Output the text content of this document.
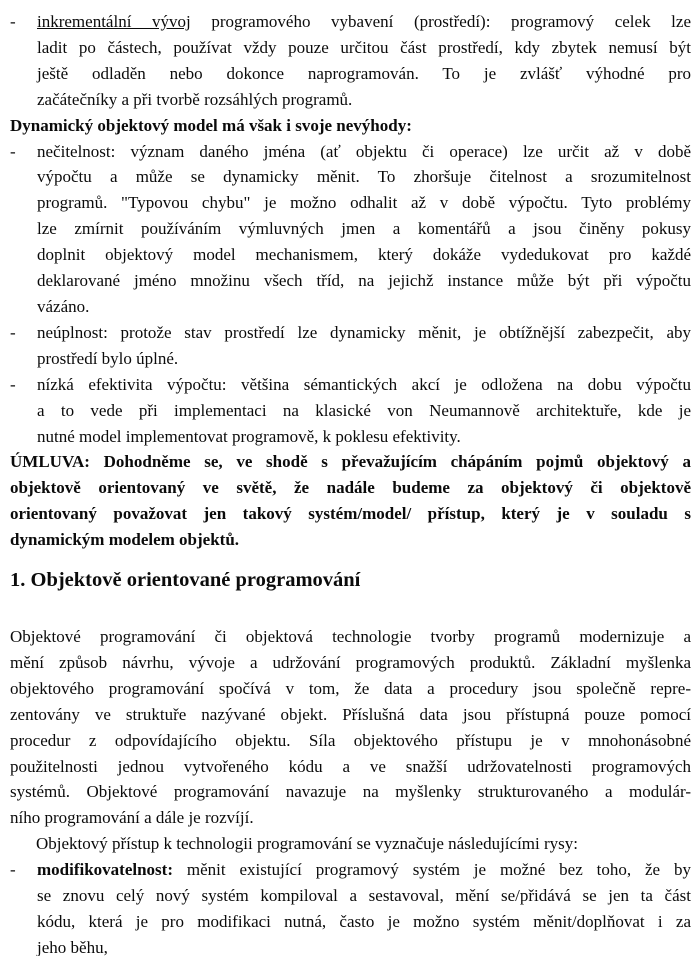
-	inkrementální vývoj programového vybavení (prostředí): programový celek lze
ladit po částech, používat vždy pouze určitou část prostředí, kdy zbytek nemusí být
ještě odladěn nebo dokonce naprogramován. To je zvlášť výhodné pro
začátečníky a při tvorbě rozsáhlých programů.
Dynamický objektový model má však i svoje nevýhody:
-	nečitelnost: význam daného jména (ať objektu či operace) lze určit až v době
výpočtu a může se dynamicky měnit. To zhoršuje čitelnost a srozumitelnost
programů. "Typovou chybu" je možno odhalit až v době výpočtu. Tyto problémy
lze zmírnit používáním výmluvných jmen a komentářů a jsou činěny pokusy
doplnit objektový model mechanismem, který dokáže vydedukovat pro každé
deklarované jméno množinu všech tříd, na jejichž instance může být při výpočtu
vázáno.
-	neúplnost: protože stav prostředí lze dynamicky měnit, je obtížnější zabezpečit, aby
prostředí bylo úplné.
-	nízká efektivita výpočtu: většina sémantických akcí je odložena na dobu výpočtu
a to vede při implementaci na klasické von Neumannově architektuře, kde je
nutné model implementovat programově, k poklesu efektivity.
ÚMLUVA: Dohodněme se, ve shodě s převažujícím chápáním pojmů objektový a
objektově orientovaný ve světě, že nadále budeme za objektový či objektově
orientovaný považovat jen takový systém/model/ přístup, který je v souladu s
dynamickým modelem objektů.
1. Objektově orientované programování
Objektové programování či objektová technologie tvorby programů modernizuje a
mění způsob návrhu, vývoje a udržování programových produktů. Základní myšlenka
objektového programování spočívá v tom, že data a procedury jsou společně repre-
zentovány ve struktuře nazývané objekt. Příslušná data jsou přístupná pouze pomocí
procedur z odpovídajícího objektu. Síla objektového přístupu je v mnohonásobné
použitelnosti jednou vytvořeného kódu a ve snažší udržovatelnosti programových
systémů. Objektové programování navazuje na myšlenky strukturovaného a modulár-
ního programování a dále je rozvíjí.
Objektový přístup k technologii programování se vyznačuje následujícími rysy:
-	modifikovatelnost: měnit existující programový systém je možné bez toho, že by
se znovu celý nový systém kompiloval a sestavoval, mění se/přidává se jen ta část
kódu, která je pro modifikaci nutná, často je možno systém měnit/doplňovat i za
jeho běhu,
